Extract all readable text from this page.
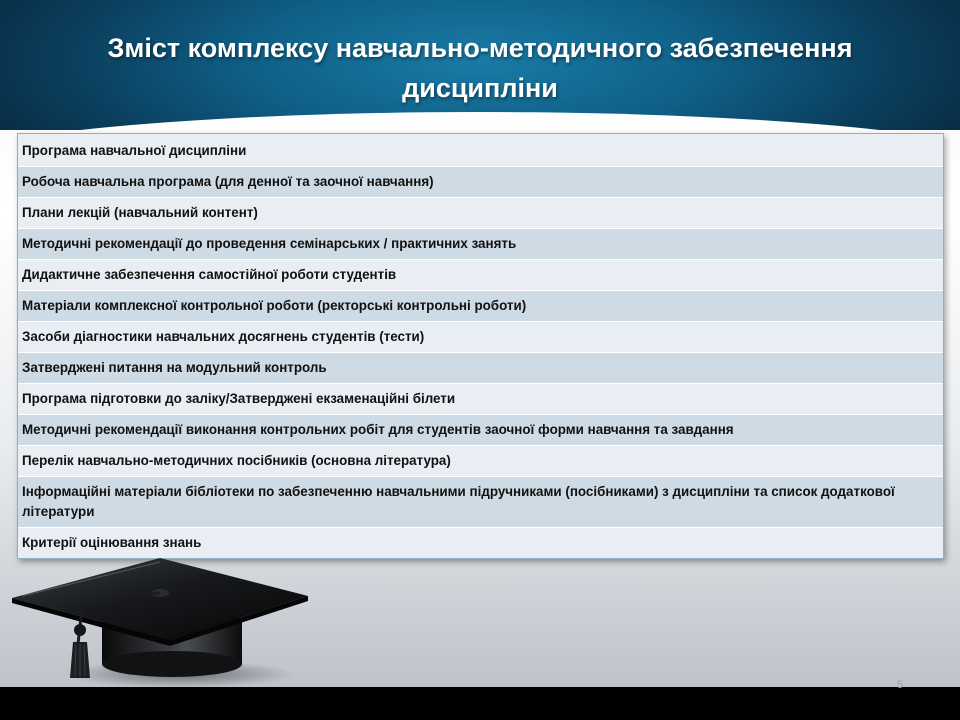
Зміст комплексу навчально-методичного забезпечення
дисципліни
Програма навчальної дисципліни
Робоча навчальна програма (для денної та заочної навчання)
Плани лекцій (навчальний контент)
Методичні рекомендації до проведення семінарських / практичних занять
Дидактичне забезпечення самостійної роботи студентів
Матеріали комплексної контрольної роботи (ректорські контрольні роботи)
Засоби діагностики навчальних досягнень студентів (тести)
Затверджені питання на модульний контроль
Програма підготовки до заліку/Затверджені екзаменаційні білети
Методичні рекомендації виконання контрольних робіт для студентів заочної форми навчання та завдання
Перелік навчально-методичних посібників (основна література)
Інформаційні матеріали бібліотеки по забезпеченню навчальними підручниками (посібниками) з дисципліни та список додаткової літератури
Критерії оцінювання знань
5
